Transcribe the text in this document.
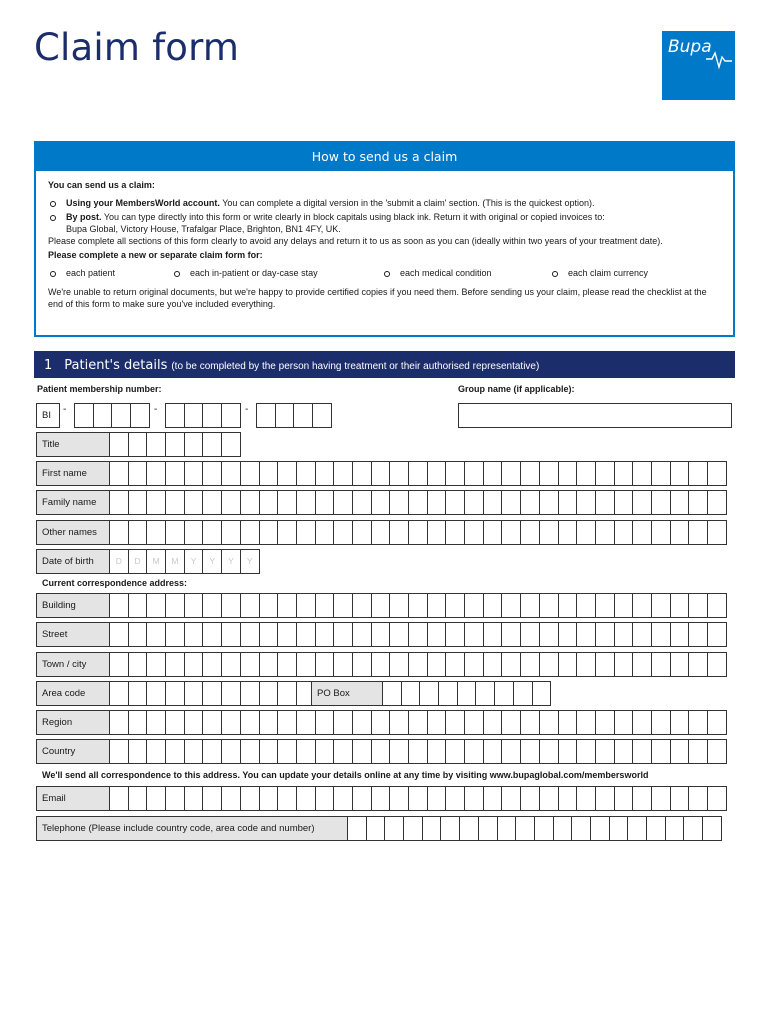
Claim form	Bupa
How to send us a claim
You can send us a claim:
Using your MembersWorld account. You can complete a digital version in the 'submit a claim' section. (This is the quickest option).
By post. You can type directly into this form or write clearly in block capitals using black ink. Return it with original or copied invoices to:
Bupa Global, Victory House, Trafalgar Place, Brighton, BN1 4FY, UK.
Please complete all sections of this form clearly to avoid any delays and return it to us as soon as you can (ideally within two years of your treatment date).
Please complete a new or separate claim form for:
each patient	each in-patient or day-case stay	each medical condition	each claim currency
We're unable to return original documents, but we're happy to provide certified copies if you need them. Before sending us your claim, please read the checklist at the end of this form to make sure you've included everything.
1 Patient's details (to be completed by the person having treatment or their authorised representative)
Patient membership number:	Group name (if applicable):
BI
-	-	-
Title
First name
Family name
Other names
Date of birth	D	D	M	M	Y	Y	Y	Y
Current correspondence address:
Building
Street
Town / city
Area code	PO Box
Region
Country
We'll send all correspondence to this address. You can update your details online at any time by visiting www.bupaglobal.com/membersworld
Email
Telephone (Please include country code, area code and number)
